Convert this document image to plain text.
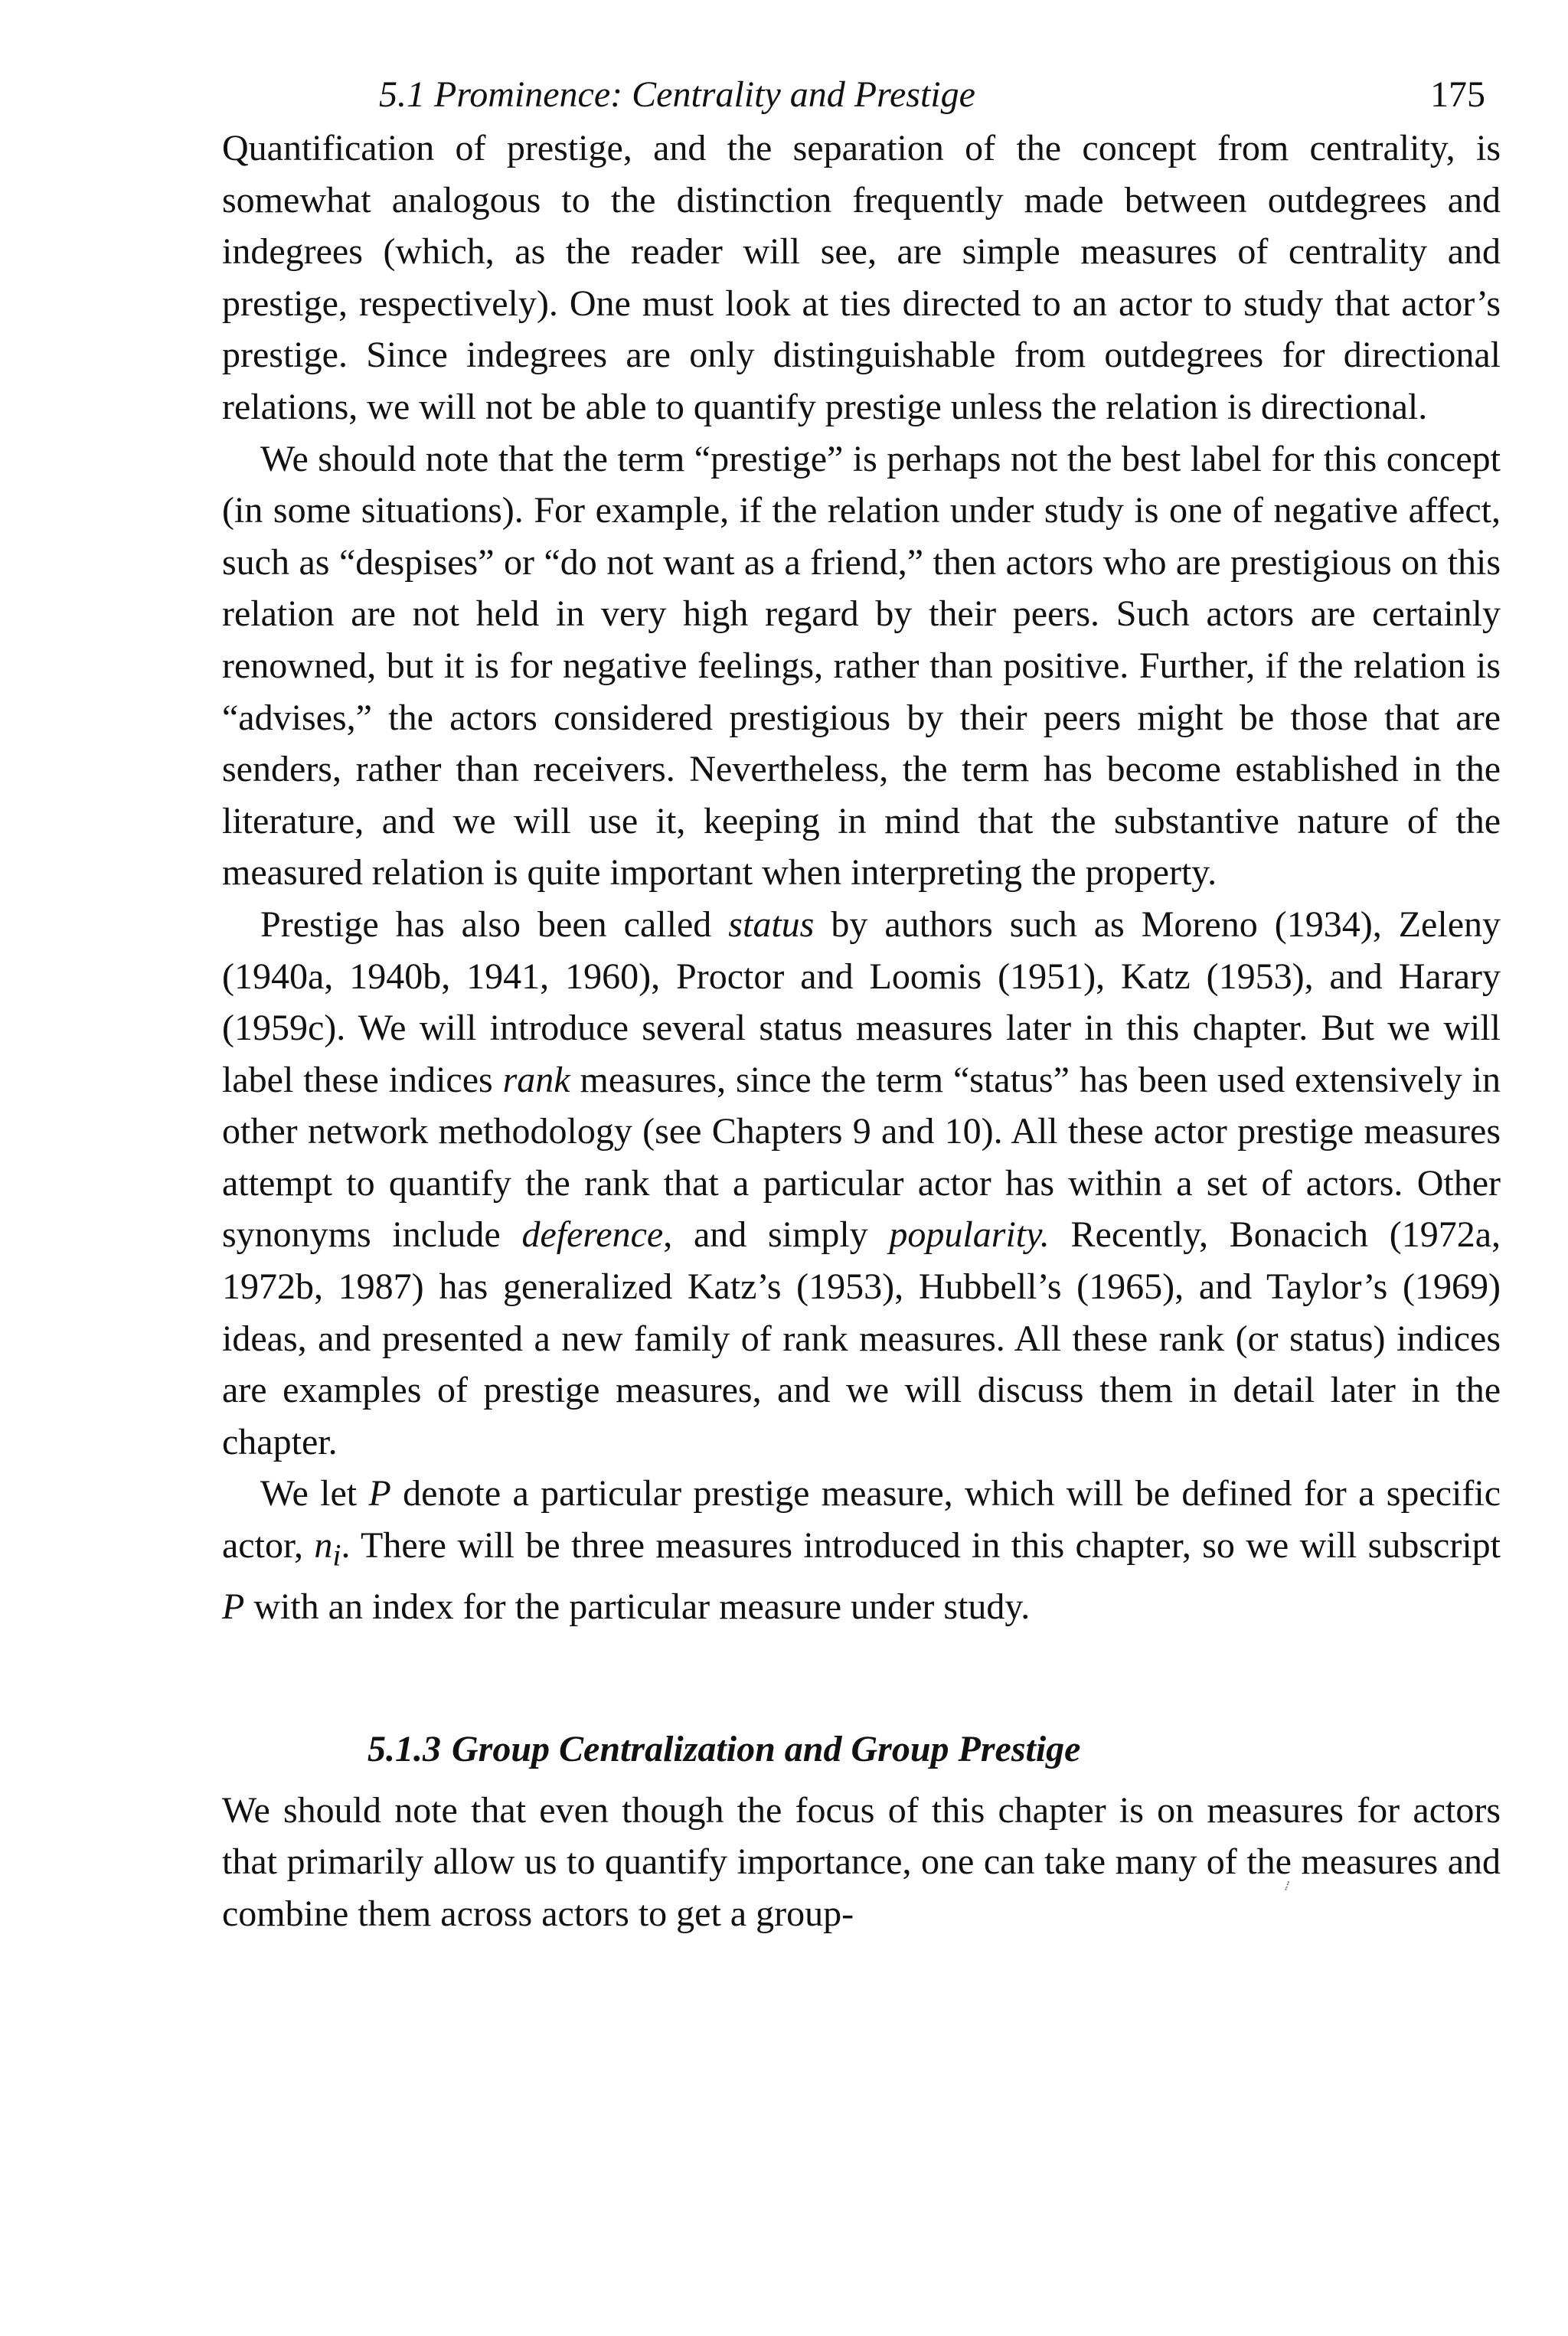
5.1 Prominence: Centrality and Prestige	175

Quantification of prestige, and the separation of the concept from centrality, is somewhat analogous to the distinction frequently made between outdegrees and indegrees (which, as the reader will see, are simple measures of centrality and prestige, respectively). One must look at ties directed to an actor to study that actor’s prestige. Since indegrees are only distinguishable from outdegrees for directional relations, we will not be able to quantify prestige unless the relation is directional.

We should note that the term “prestige” is perhaps not the best label for this concept (in some situations). For example, if the relation under study is one of negative affect, such as “despises” or “do not want as a friend,” then actors who are prestigious on this relation are not held in very high regard by their peers. Such actors are certainly renowned, but it is for negative feelings, rather than positive. Further, if the relation is “advises,” the actors considered prestigious by their peers might be those that are senders, rather than receivers. Nevertheless, the term has become established in the literature, and we will use it, keeping in mind that the substantive nature of the measured relation is quite important when interpreting the property.

Prestige has also been called status by authors such as Moreno (1934), Zeleny (1940a, 1940b, 1941, 1960), Proctor and Loomis (1951), Katz (1953), and Harary (1959c). We will introduce several status measures later in this chapter. But we will label these indices rank measures, since the term “status” has been used extensively in other network methodology (see Chapters 9 and 10). All these actor prestige measures attempt to quantify the rank that a particular actor has within a set of actors. Other synonyms include deference, and simply popularity. Recently, Bonacich (1972a, 1972b, 1987) has generalized Katz’s (1953), Hubbell’s (1965), and Taylor’s (1969) ideas, and presented a new family of rank measures. All these rank (or status) indices are examples of prestige measures, and we will discuss them in detail later in the chapter.

We let P denote a particular prestige measure, which will be defined for a specific actor, $n_i$. There will be three measures introduced in this chapter, so we will subscript P with an index for the particular measure under study.

5.1.3 Group Centralization and Group Prestige

We should note that even though the focus of this chapter is on measures for actors that primarily allow us to quantify importance, one can take many of the measures and combine them across actors to get a group-
